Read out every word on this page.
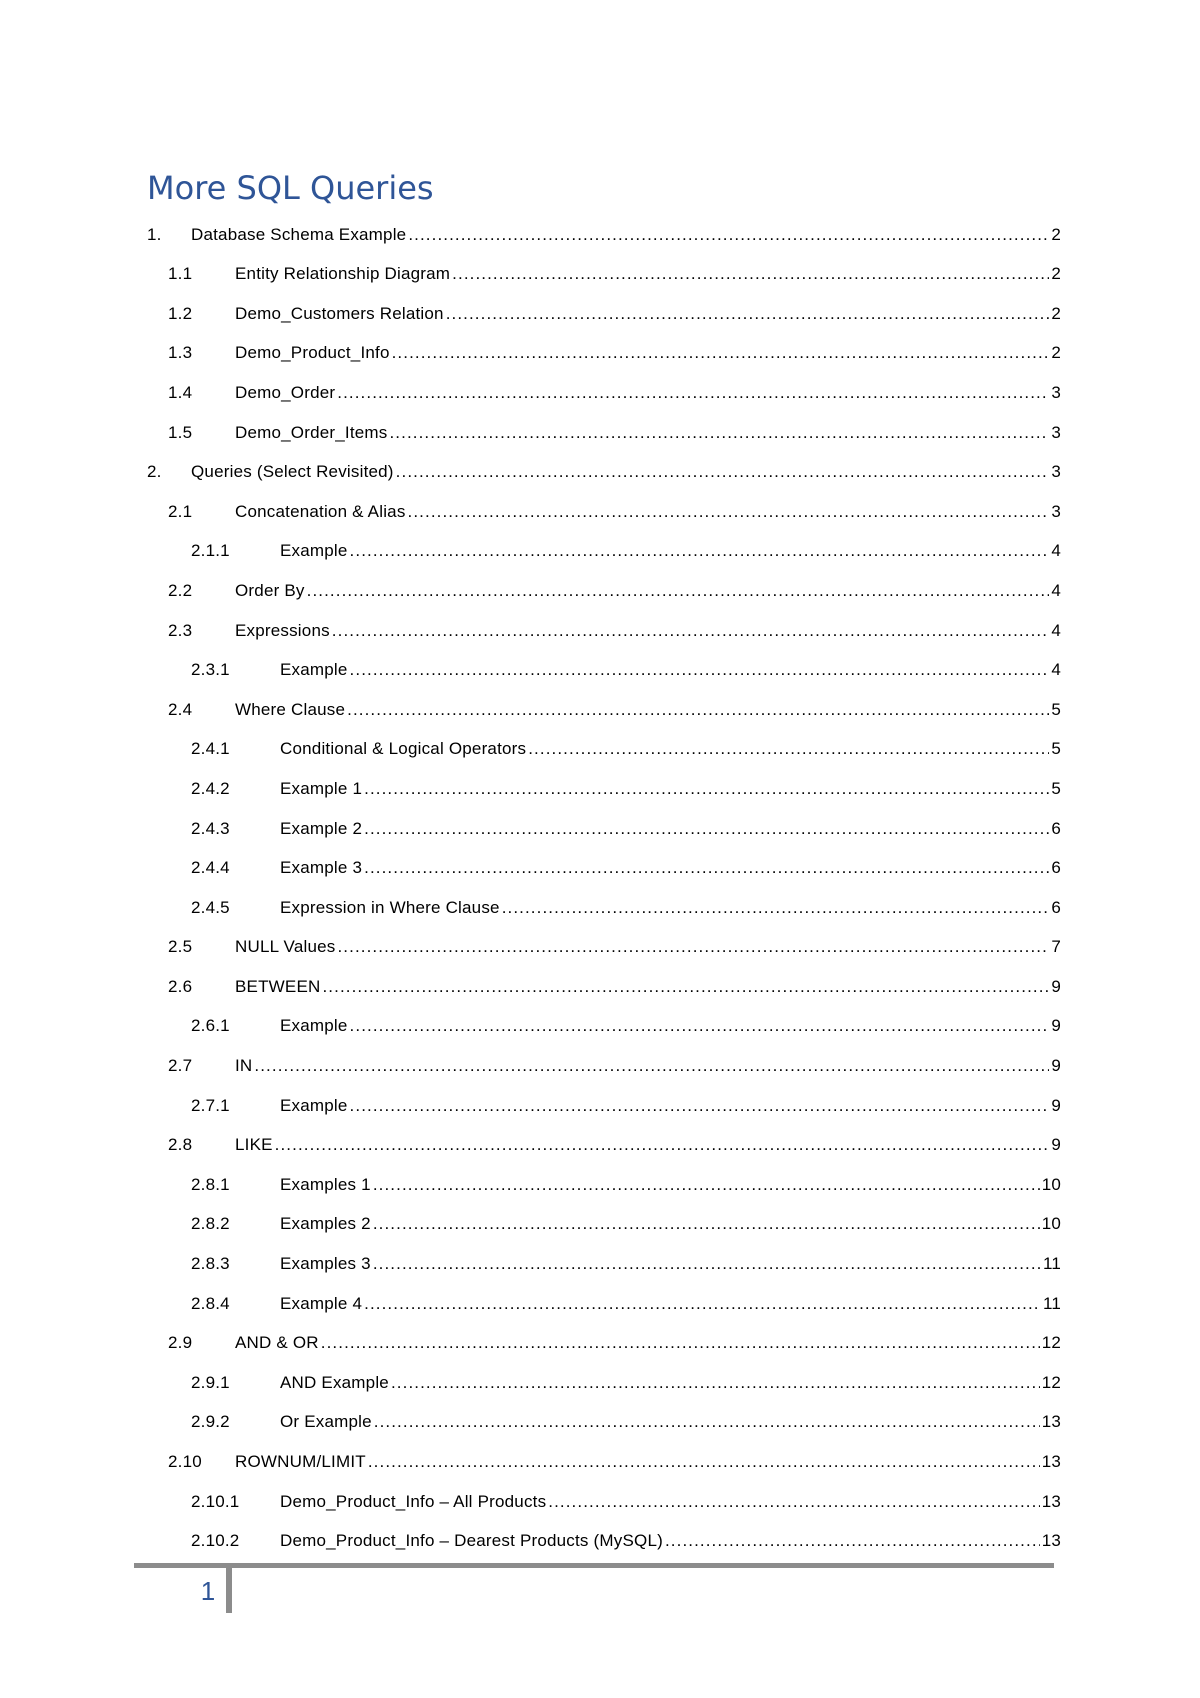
More SQL Queries
1.	Database Schema Example .....	2
1.1	Entity Relationship Diagram .....	2
1.2	Demo_Customers Relation .....	2
1.3	Demo_Product_Info .....	2
1.4	Demo_Order .....	3
1.5	Demo_Order_Items .....	3
2.	Queries (Select Revisited) .....	3
2.1	Concatenation & Alias .....	3
2.1.1	Example .....	4
2.2	Order By .....	4
2.3	Expressions .....	4
2.3.1	Example .....	4
2.4	Where Clause .....	5
2.4.1	Conditional & Logical Operators .....	5
2.4.2	Example 1 .....	5
2.4.3	Example 2 .....	6
2.4.4	Example 3 .....	6
2.4.5	Expression in Where Clause .....	6
2.5	NULL Values .....	7
2.6	BETWEEN .....	9
2.6.1	Example .....	9
2.7	IN .....	9
2.7.1	Example .....	9
2.8	LIKE .....	9
2.8.1	Examples 1 .....	10
2.8.2	Examples 2 .....	10
2.8.3	Examples 3 .....	11
2.8.4	Example 4 .....	11
2.9	AND & OR .....	12
2.9.1	AND Example .....	12
2.9.2	Or Example .....	13
2.10	ROWNUM/LIMIT .....	13
2.10.1	Demo_Product_Info – All Products .....	13
2.10.2	Demo_Product_Info – Dearest Products (MySQL) .....	13
1
